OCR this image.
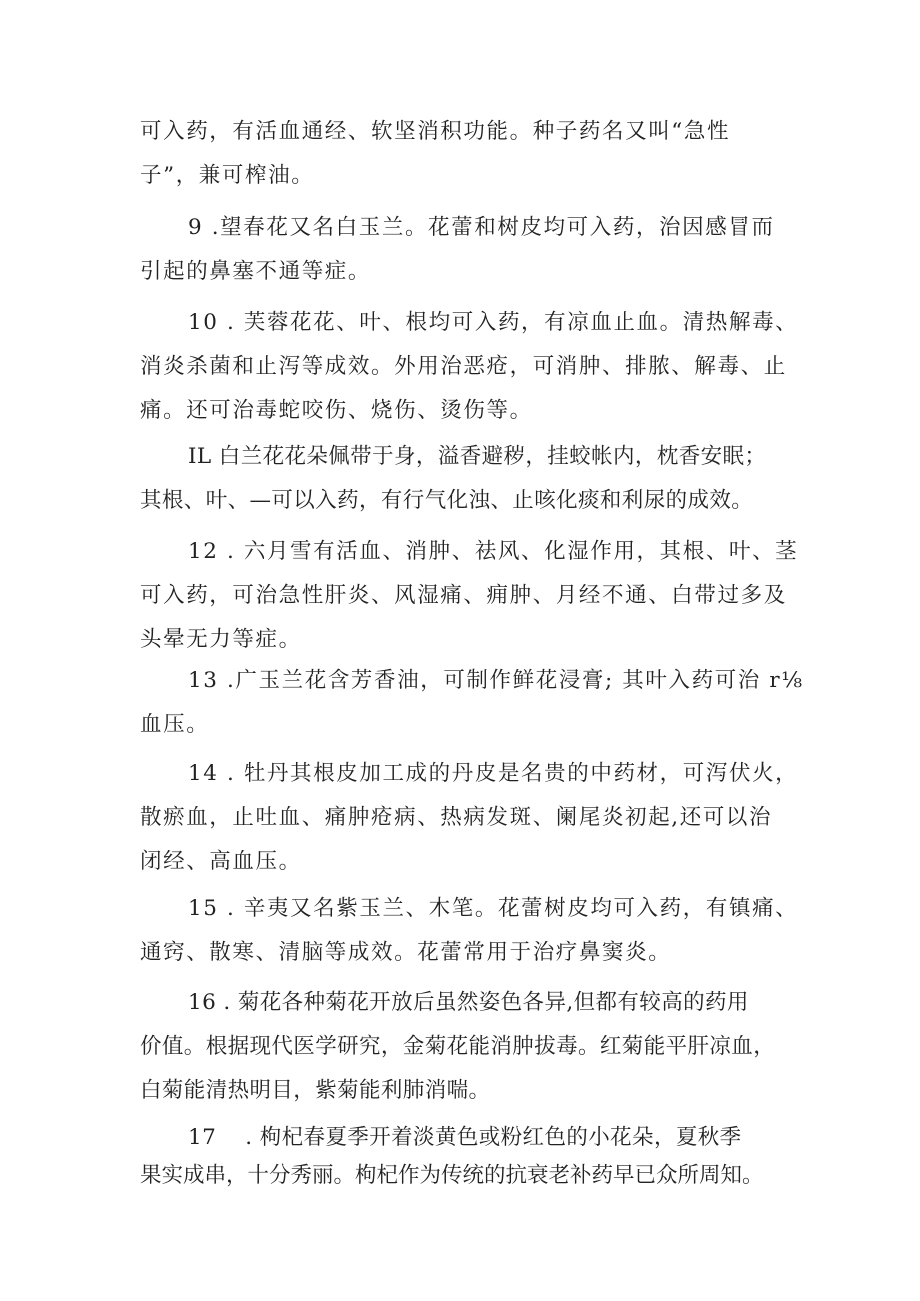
可入药，有活血通经、软坚消积功能。种子药名又叫“急性
子”，兼可榨油。
9 .望春花又名白玉兰。花蕾和树皮均可入药，治因感冒而
引起的鼻塞不通等症。
10 . 芙蓉花花、叶、根均可入药，有凉血止血。清热解毒、
消炎杀菌和止泻等成效。外用治恶疮，可消肿、排脓、解毒、止
痛。还可治毒蛇咬伤、烧伤、烫伤等。
IL 白兰花花朵佩带于身，溢香避秽，挂蛟帐内，枕香安眠；
其根、叶、—可以入药，有行气化浊、止咳化痰和利尿的成效。
12 . 六月雪有活血、消肿、祛风、化湿作用，其根、叶、茎
可入药，可治急性肝炎、风湿痛、痈肿、月经不通、白带过多及
头晕无力等症。
13 .广玉兰花含芳香油，可制作鲜花浸膏; 其叶入药可治 r⅛
血压。
14 . 牡丹其根皮加工成的丹皮是名贵的中药材，可泻伏火，
散瘀血，止吐血、痛肿疮病、热病发斑、阑尾炎初起,还可以治
闭经、高血压。
15 . 辛夷又名紫玉兰、木笔。花蕾树皮均可入药，有镇痛、
通窍、散寒、清脑等成效。花蕾常用于治疗鼻窦炎。
16 . 菊花各种菊花开放后虽然姿色各异,但都有较高的药用
价值。根据现代医学研究，金菊花能消肿拔毒。红菊能平肝凉血，
白菊能清热明目，紫菊能利肺消喘。
17　 . 枸杞春夏季开着淡黄色或粉红色的小花朵，夏秋季
果实成串，十分秀丽。枸杞作为传统的抗衰老补药早已众所周知。
